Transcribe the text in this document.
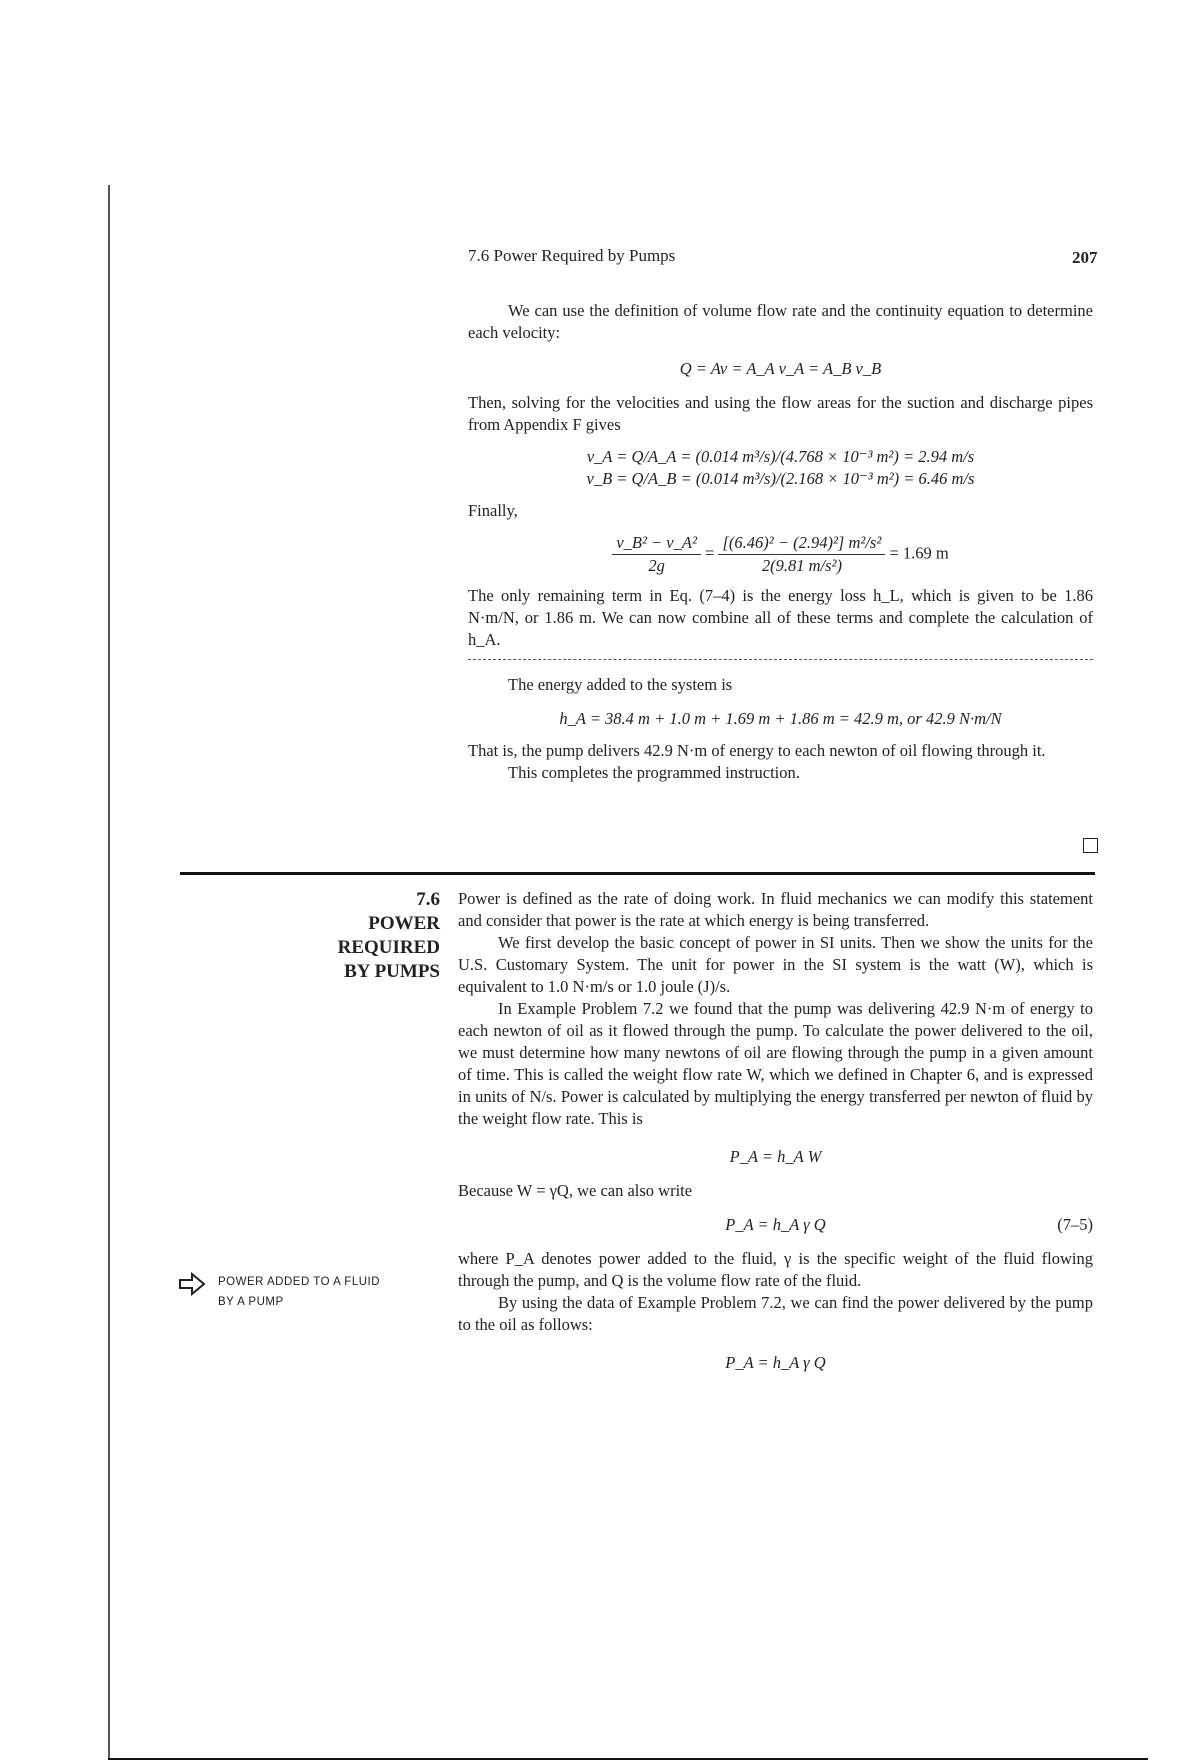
7.6 Power Required by Pumps	207

We can use the definition of volume flow rate and the continuity equation to determine each velocity:

Q = Av = A_A v_A = A_B v_B

Then, solving for the velocities and using the flow areas for the suction and discharge pipes from Appendix F gives

v_A = Q/A_A = (0.014 m³/s)/(4.768 × 10⁻³ m²) = 2.94 m/s
v_B = Q/A_B = (0.014 m³/s)/(2.168 × 10⁻³ m²) = 6.46 m/s

Finally,

$\frac{\text{v\_B² − v\_A²}}{2g} = \frac{\text{[(6.46)² − (2.94)²] m²/s²}}{\text{2(9.81 m/s²)}} = 1.69$ m

The only remaining term in Eq. (7–4) is the energy loss h_L, which is given to be 1.86 N·m/N, or 1.86 m. We can now combine all of these terms and complete the calculation of h_A.

The energy added to the system is

h_A = 38.4 m + 1.0 m + 1.69 m + 1.86 m = 42.9 m, or 42.9 N·m/N

That is, the pump delivers 42.9 N·m of energy to each newton of oil flowing through it.

This completes the programmed instruction.

7.6
POWER REQUIRED
BY PUMPS

Power is defined as the rate of doing work. In fluid mechanics we can modify this statement and consider that power is the rate at which energy is being transferred.

We first develop the basic concept of power in SI units. Then we show the units for the U.S. Customary System. The unit for power in the SI system is the watt (W), which is equivalent to 1.0 N·m/s or 1.0 joule (J)/s.

In Example Problem 7.2 we found that the pump was delivering 42.9 N·m of energy to each newton of oil as it flowed through the pump. To calculate the power delivered to the oil, we must determine how many newtons of oil are flowing through the pump in a given amount of time. This is called the weight flow rate W, which we defined in Chapter 6, and is expressed in units of N/s. Power is calculated by multiplying the energy transferred per newton of fluid by the weight flow rate. This is

P_A = h_A W

Because W = γQ, we can also write

P_A = h_A γ Q	(7–5)

where P_A denotes power added to the fluid, γ is the specific weight of the fluid flowing through the pump, and Q is the volume flow rate of the fluid.

By using the data of Example Problem 7.2, we can find the power delivered by the pump to the oil as follows:

P_A = h_A γ Q
POWER ADDED TO A FLUID
BY A PUMP
